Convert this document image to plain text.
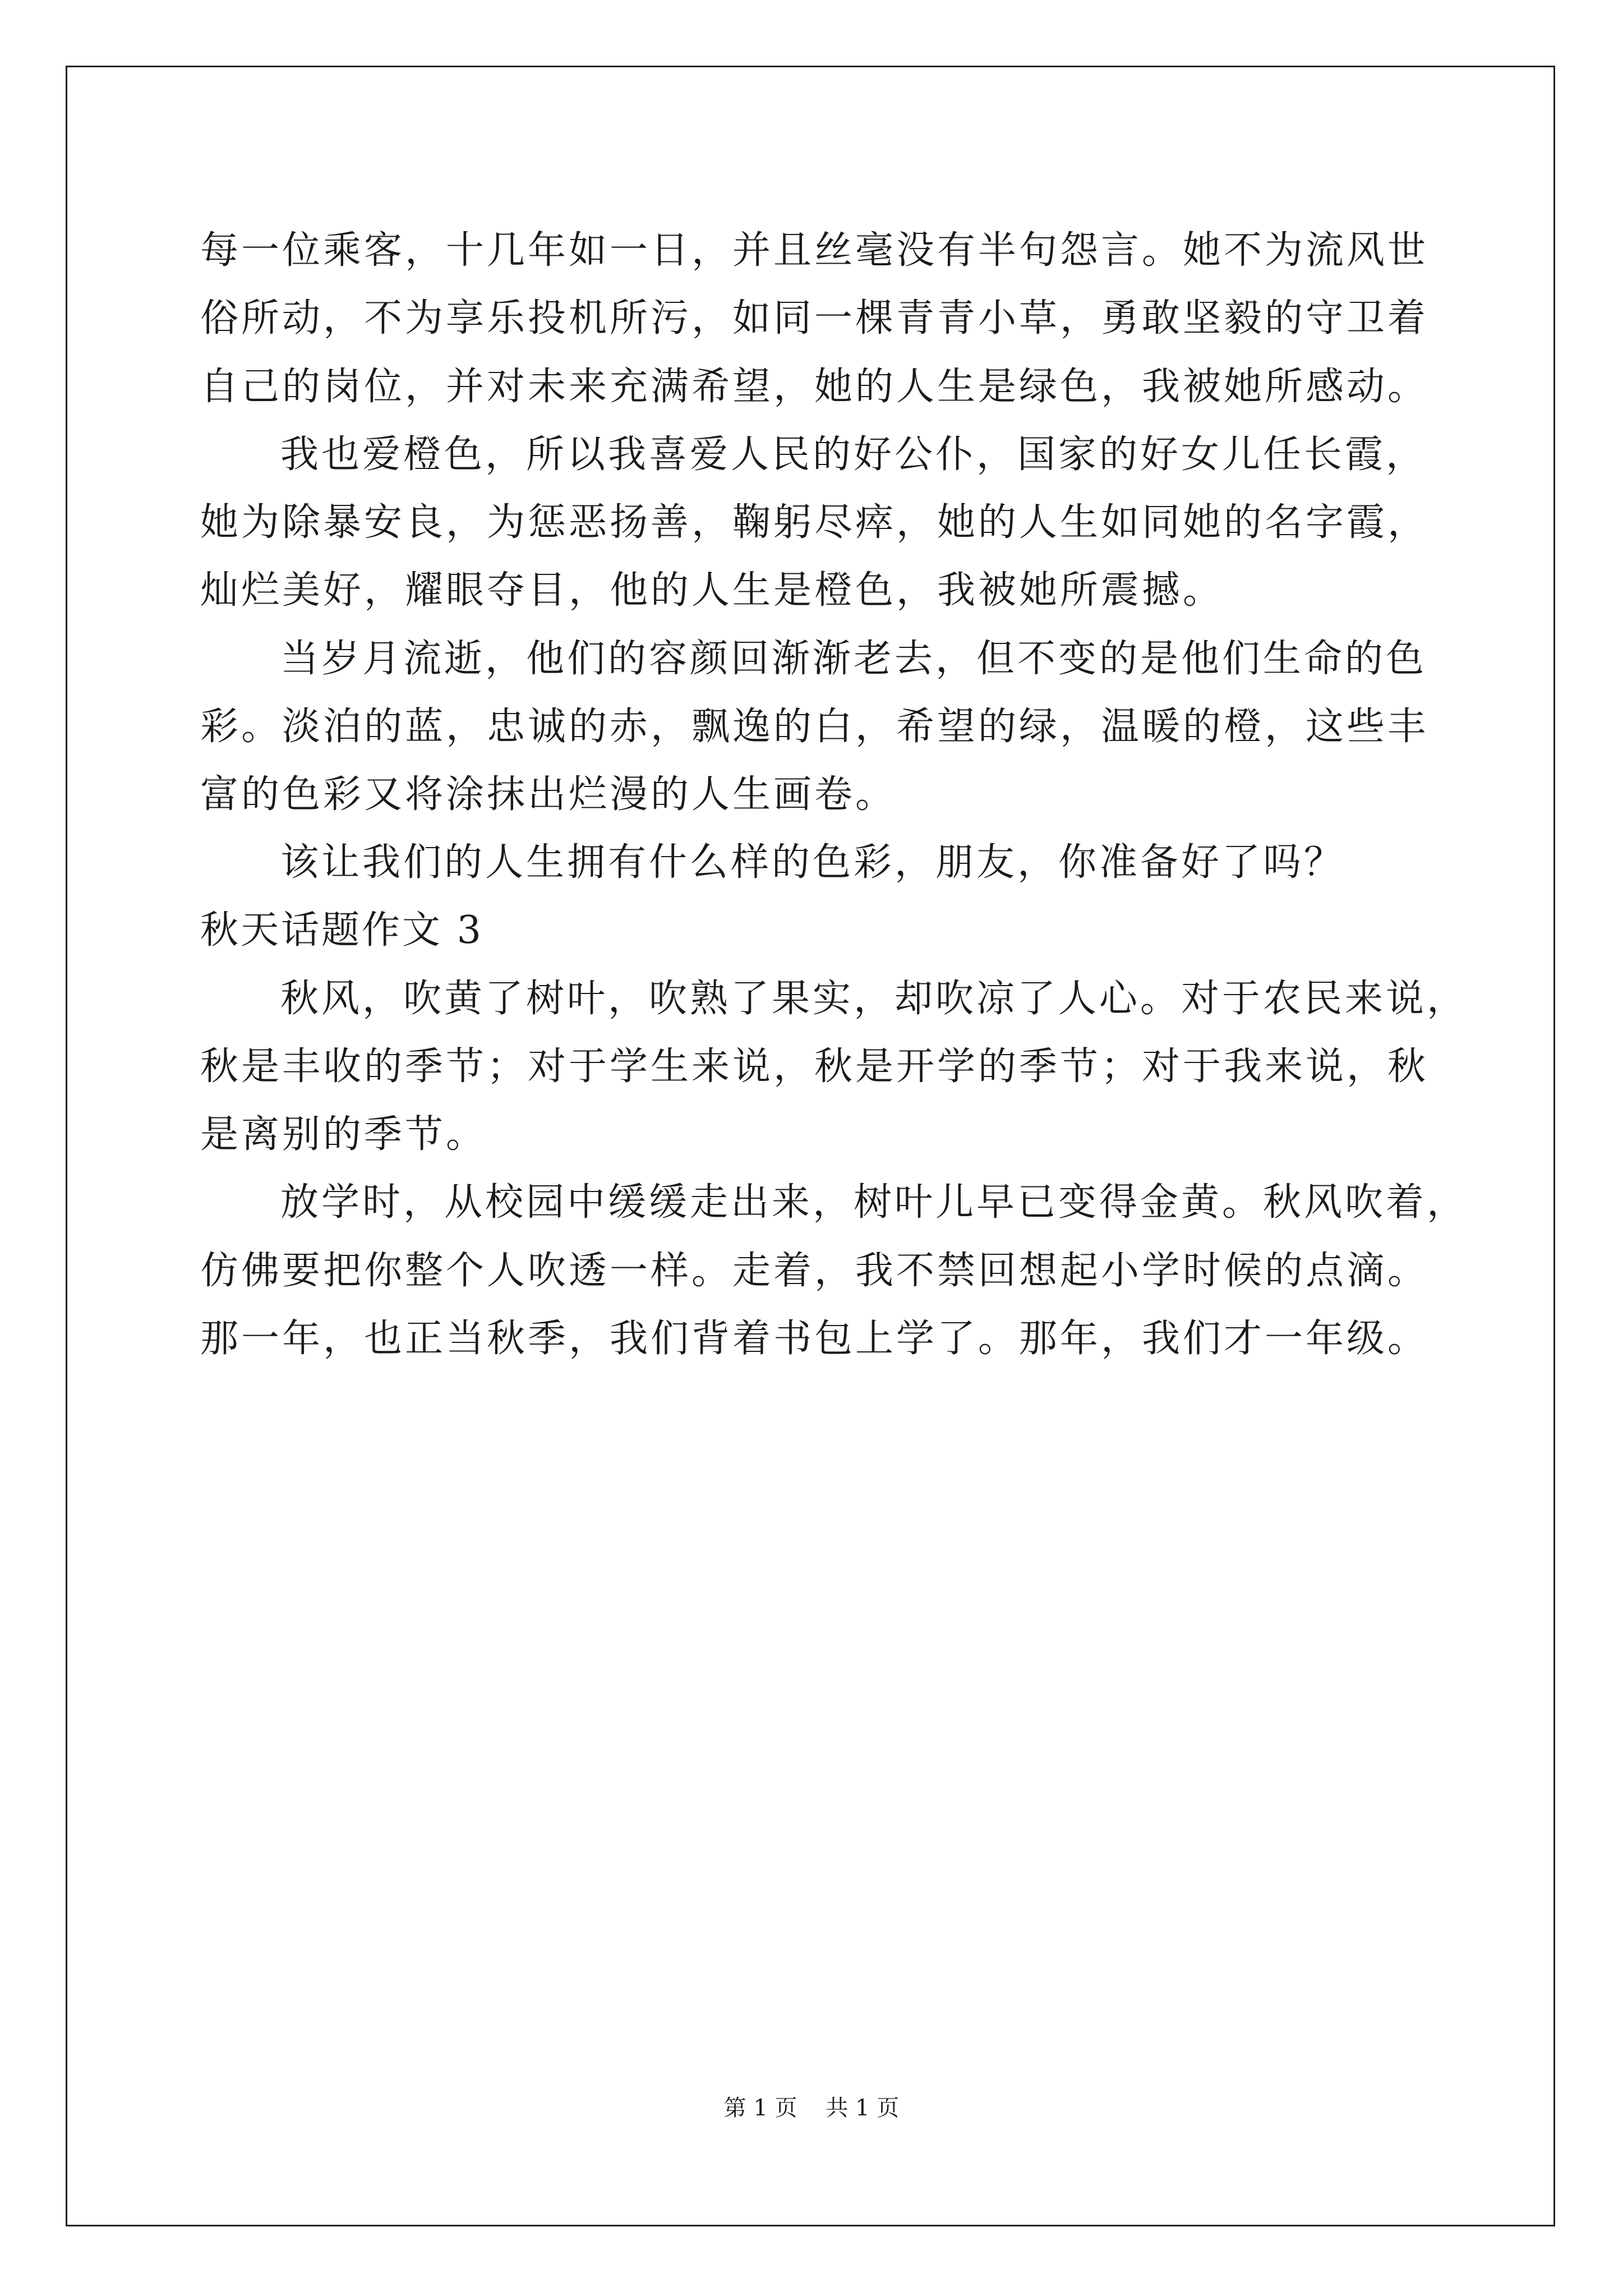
每一位乘客，十几年如一日，并且丝毫没有半句怨言。她不为流风世
俗所动，不为享乐投机所污，如同一棵青青小草，勇敢坚毅的守卫着
自己的岗位，并对未来充满希望，她的人生是绿色，我被她所感动。
我也爱橙色，所以我喜爱人民的好公仆，国家的好女儿任长霞，
她为除暴安良，为惩恶扬善，鞠躬尽瘁，她的人生如同她的名字霞，
灿烂美好，耀眼夺目，他的人生是橙色，我被她所震撼。
当岁月流逝，他们的容颜回渐渐老去，但不变的是他们生命的色
彩。淡泊的蓝，忠诚的赤，飘逸的白，希望的绿，温暖的橙，这些丰
富的色彩又将涂抹出烂漫的人生画卷。
该让我们的人生拥有什么样的色彩，朋友，你准备好了吗？
秋天话题作文 3
秋风，吹黄了树叶，吹熟了果实，却吹凉了人心。对于农民来说，
秋是丰收的季节；对于学生来说，秋是开学的季节；对于我来说，秋
是离别的季节。
放学时，从校园中缓缓走出来，树叶儿早已变得金黄。秋风吹着，
仿佛要把你整个人吹透一样。走着，我不禁回想起小学时候的点滴。
那一年，也正当秋季，我们背着书包上学了。那年，我们才一年级。
第 1 页 共 1 页
